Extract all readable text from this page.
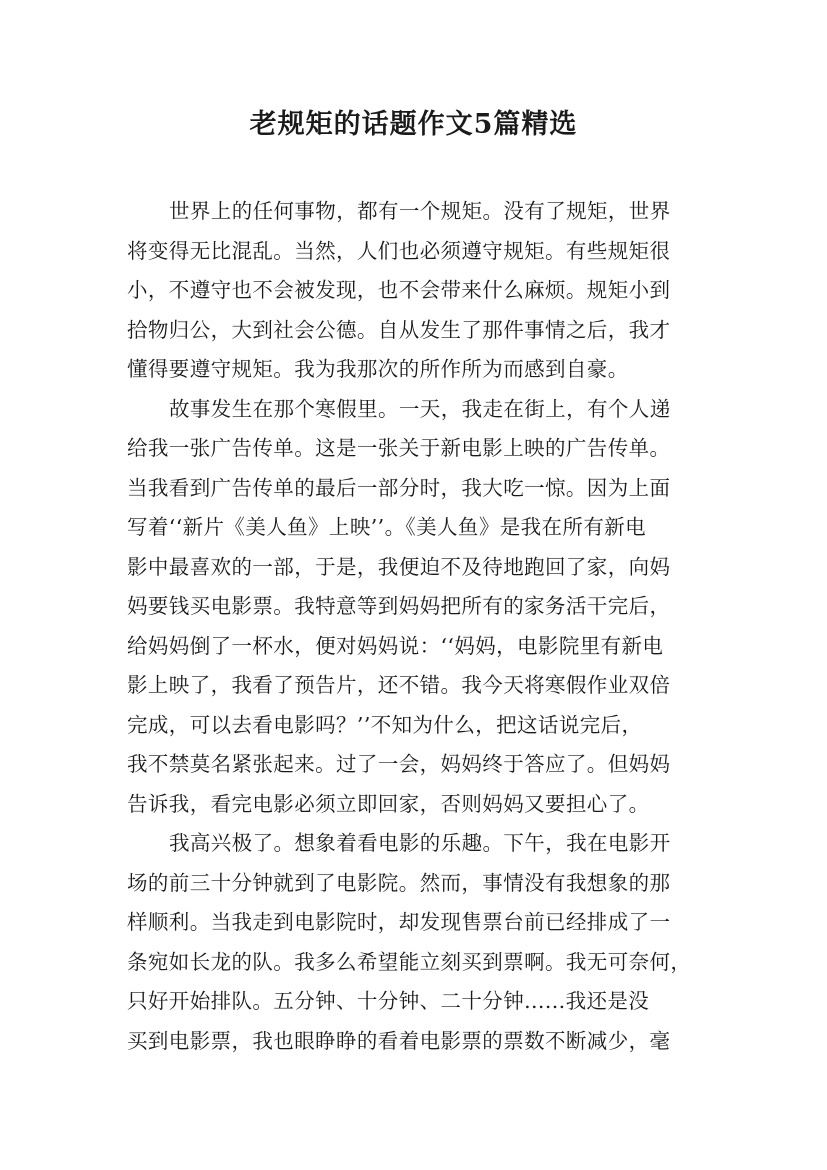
老规矩的话题作文5篇精选
世界上的任何事物，都有一个规矩。没有了规矩，世界
将变得无比混乱。当然，人们也必须遵守规矩。有些规矩很
小，不遵守也不会被发现，也不会带来什么麻烦。规矩小到
拾物归公，大到社会公德。自从发生了那件事情之后，我才
懂得要遵守规矩。我为我那次的所作所为而感到自豪。
故事发生在那个寒假里。一天，我走在街上，有个人递
给我一张广告传单。这是一张关于新电影上映的广告传单。
当我看到广告传单的最后一部分时，我大吃一惊。因为上面
写着‘‘新片《美人鱼》上映’’。《美人鱼》是我在所有新电
影中最喜欢的一部，于是，我便迫不及待地跑回了家，向妈
妈要钱买电影票。我特意等到妈妈把所有的家务活干完后，
给妈妈倒了一杯水，便对妈妈说：‘‘妈妈，电影院里有新电
影上映了，我看了预告片，还不错。我今天将寒假作业双倍
完成，可以去看电影吗？’’不知为什么，把这话说完后，
我不禁莫名紧张起来。过了一会，妈妈终于答应了。但妈妈
告诉我，看完电影必须立即回家，否则妈妈又要担心了。
我高兴极了。想象着看电影的乐趣。下午，我在电影开
场的前三十分钟就到了电影院。然而，事情没有我想象的那
样顺利。当我走到电影院时，却发现售票台前已经排成了一
条宛如长龙的队。我多么希望能立刻买到票啊。我无可奈何，
只好开始排队。五分钟、十分钟、二十分钟......我还是没
买到电影票，我也眼睁睁的看着电影票的票数不断减少，毫
